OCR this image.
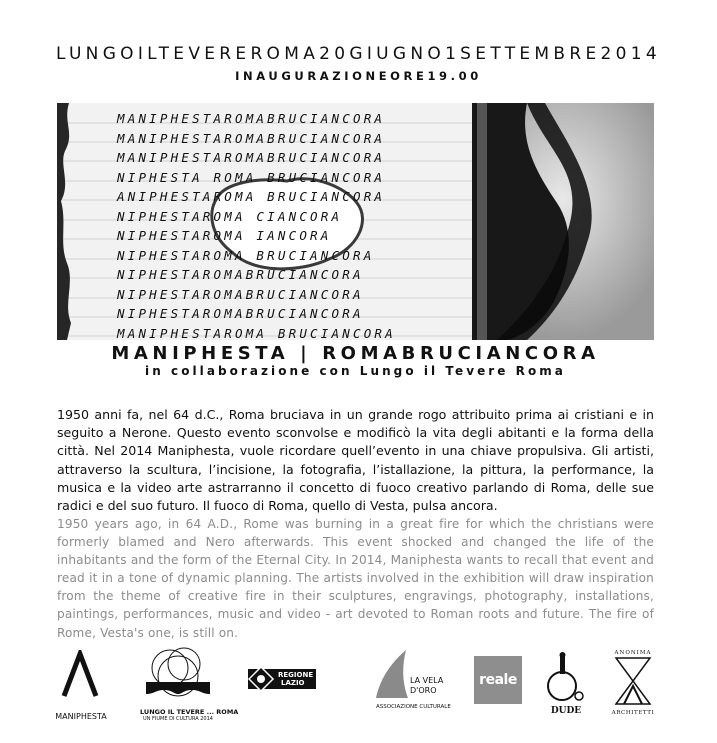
LUNGOILTEVEREROMA20GIUGNO1SETTEMBRE2014
INAUGURAZIONEORE19.00
MANIPHESTAROMABRUCIANCORA
MANIPHESTAROMABRUCIANCORA
MANIPHESTAROMABRUCIANCORA
NIPHESTA ROMA BRUCIANCORA
ANIPHESTAROMA BRUCIANCORA
NIPHESTAROMA CIANCORA
NIPHESTAROMA IANCORA
NIPHESTAROMA BRUCIANCORA
NIPHESTAROMABRUCIANCORA
NIPHESTAROMABRUCIANCORA
NIPHESTAROMABRUCIANCORA
MANIPHESTAROMA BRUCIANCORA
MANIPHESTA | ROMABRUCIANCORA
in collaborazione con Lungo il Tevere Roma
1950 anni fa, nel 64 d.C., Roma bruciava in un grande rogo attribuito prima ai cristiani e in seguito a Nerone. Questo evento sconvolse e modificò la vita degli abitanti e la forma della città. Nel 2014 Maniphesta, vuole ricordare quell’evento in una chiave propulsiva. Gli artisti, attraverso la scultura, l’incisione, la fotografia, l’istallazione, la pittura, la performance, la musica e la video arte astrarranno il concetto di fuoco creativo parlando di Roma, delle sue radici e del suo futuro. Il fuoco di Roma, quello di Vesta, pulsa ancora.
1950 years ago, in 64 A.D., Rome was burning in a great fire for which the christians were formerly blamed and Nero afterwards. This event shocked and changed the life of the inhabitants and the form of the Eternal City. In 2014, Maniphesta wants to recall that event and read it in a tone of dynamic planning. The artists involved in the exhibition will draw inspiration from the theme of creative fire in their sculptures, engravings, photography, installations, paintings, performances, music and video - art devoted to Roman roots and future. The fire of Rome, Vesta's one, is still on.
MANIPHESTA	LUNGO IL TEVERE ... ROMA
UN FIUME DI CULTURA 2014
REGIONE
LAZIO	LA VELA
D'ORO
ASSOCIAZIONE CULTURALE
reale
DUDE
ANONIMA
ARCHITETTI
